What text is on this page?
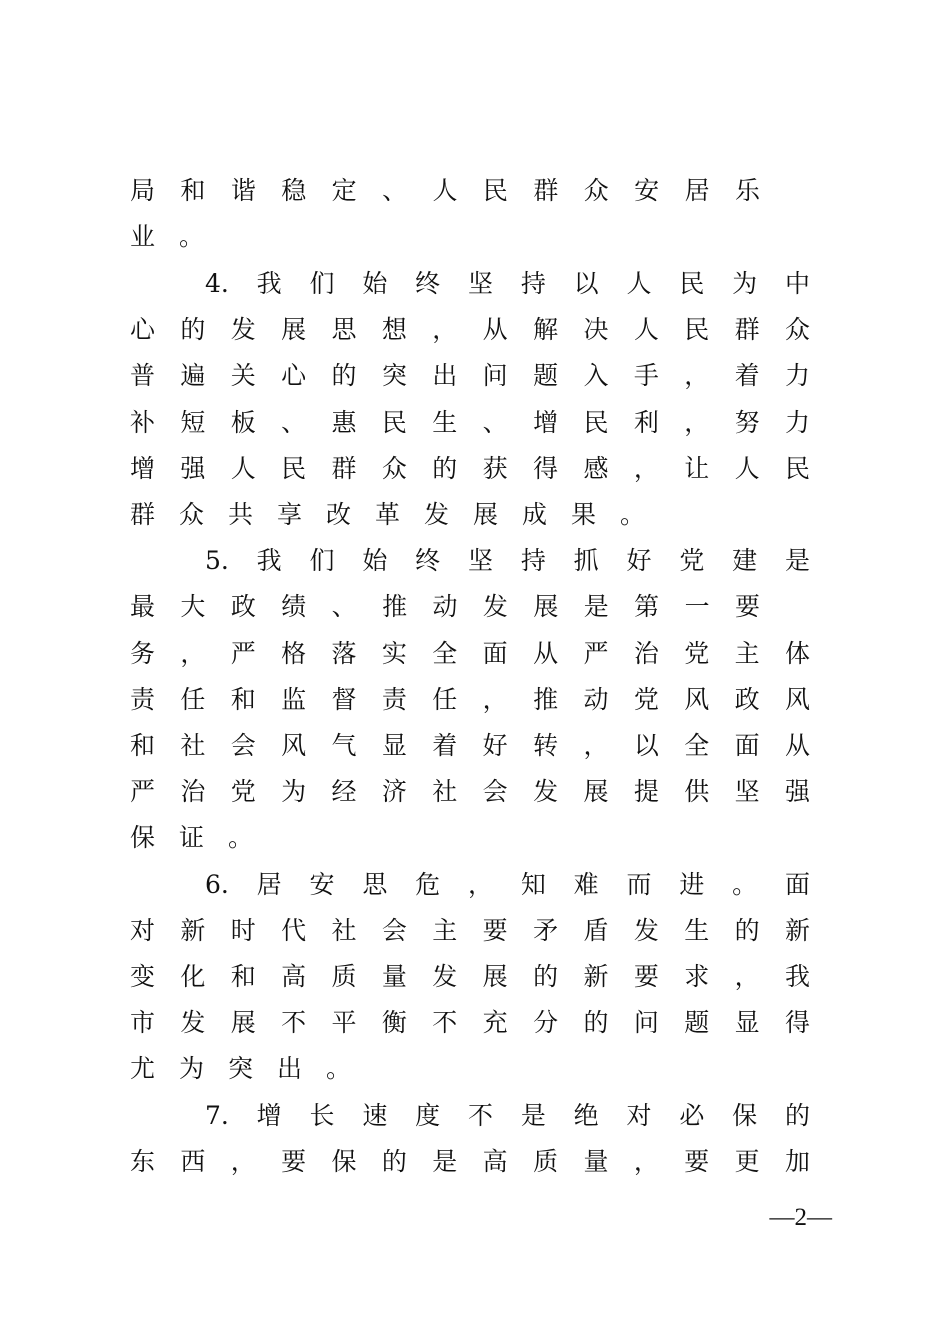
局和谐稳定、人民群众安居乐
业。
4.我们始终坚持以人民为中
心的发展思想，从解决人民群众
普遍关心的突出问题入手，着力
补短板、惠民生、增民利，努力
增强人民群众的获得感，让人民
群众共享改革发展成果。
5.我们始终坚持抓好党建是
最大政绩、推动发展是第一要
务，严格落实全面从严治党主体
责任和监督责任，推动党风政风
和社会风气显着好转，以全面从
严治党为经济社会发展提供坚强
保证。
6.居安思危，知难而进。面
对新时代社会主要矛盾发生的新
变化和高质量发展的新要求，我
市发展不平衡不充分的问题显得
尤为突出。
7.增长速度不是绝对必保的
东西，要保的是高质量，要更加
—2—
